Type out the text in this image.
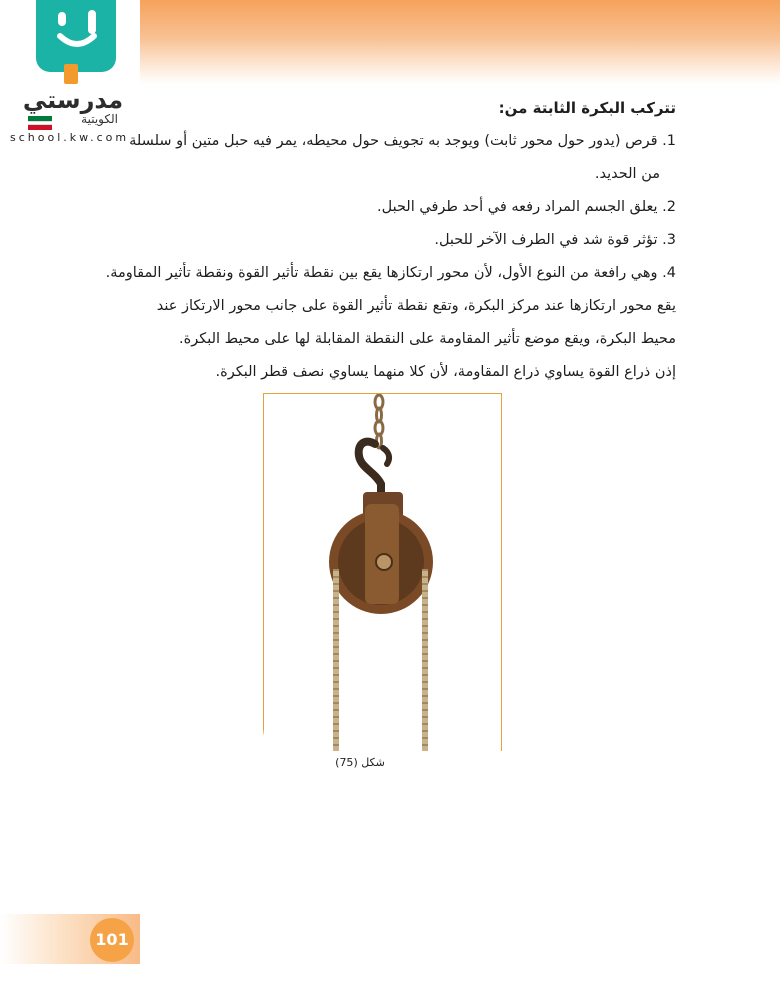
مدرستي
الكويتية
school.kw.com
تتركب البكرة الثابتة من:
1. قرص (يدور حول محور ثابت) ويوجد به تجويف حول محيطه، يمر فيه حبل متين أو سلسلة
من الحديد.
2. يعلق الجسم المراد رفعه في أحد طرفي الحبل.
3. تؤثر قوة شد في الطرف الآخر للحبل.
4. وهي رافعة من النوع الأول، لأن محور ارتكازها يقع بين نقطة تأثير القوة ونقطة تأثير المقاومة.
يقع محور ارتكازها عند مركز البكرة، وتقع نقطة تأثير القوة على جانب محور الارتكاز عند
محيط البكرة، ويقع موضع تأثير المقاومة على النقطة المقابلة لها على محيط البكرة.
إذن ذراع القوة يساوي ذراع المقاومة، لأن كلا منهما يساوي نصف قطر البكرة.
شكل (75)
101
